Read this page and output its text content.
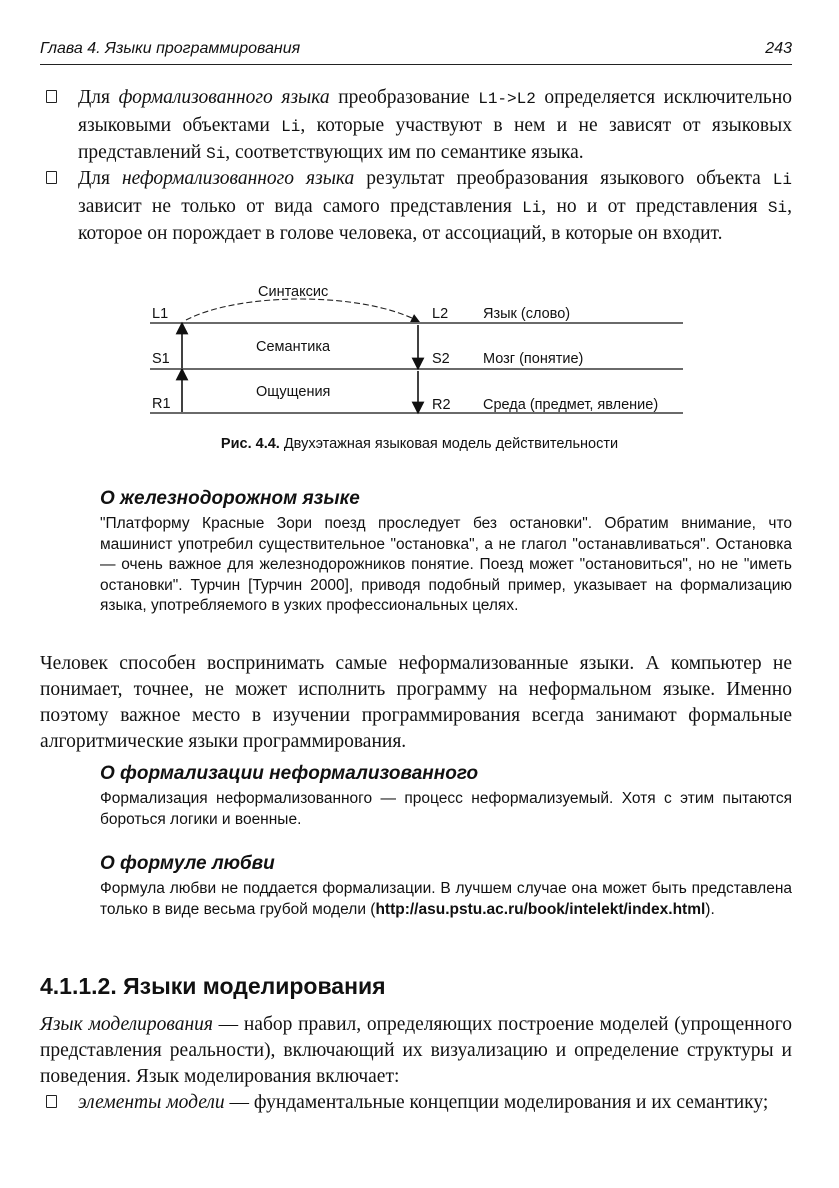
Глава 4. Языки программирования	243
Для формализованного языка преобразование L1->L2 определяется исключительно языковыми объектами Li, которые участвуют в нем и не зависят от языковых представлений Si, соответствующих им по семантике языка.
Для неформализованного языка результат преобразования языкового объекта Li зависит не только от вида самого представления Li, но и от представления Si, которое он порождает в голове человека, от ассоциаций, в которые он входит.
Синтаксис
L1
S1
R1
L2
S2
R2
Семантика
Ощущения
Язык (слово)
Мозг (понятие)
Среда (предмет, явление)
Рис. 4.4. Двухэтажная языковая модель действительности
О железнодорожном языке
"Платформу Красные Зори поезд проследует без остановки". Обратим внимание, что машинист употребил существительное "остановка", а не глагол "останавливаться". Остановка — очень важное для железнодорожников понятие. Поезд может "остановиться", но не "иметь остановки". Турчин [Турчин 2000], приводя подобный пример, указывает на формализацию языка, употребляемого в узких профессиональных целях.
Человек способен воспринимать самые неформализованные языки. А компьютер не понимает, точнее, не может исполнить программу на неформальном языке. Именно поэтому важное место в изучении программирования всегда занимают формальные алгоритмические языки программирования.
О формализации неформализованного
Формализация неформализованного — процесс неформализуемый. Хотя с этим пытаются бороться логики и военные.
О формуле любви
Формула любви не поддается формализации. В лучшем случае она может быть представлена только в виде весьма грубой модели (http://asu.pstu.ac.ru/book/intelekt/index.html).
4.1.1.2. Языки моделирования
Язык моделирования — набор правил, определяющих построение моделей (упрощенного представления реальности), включающий их визуализацию и определение структуры и поведения. Язык моделирования включает:
элементы модели — фундаментальные концепции моделирования и их семантику;
